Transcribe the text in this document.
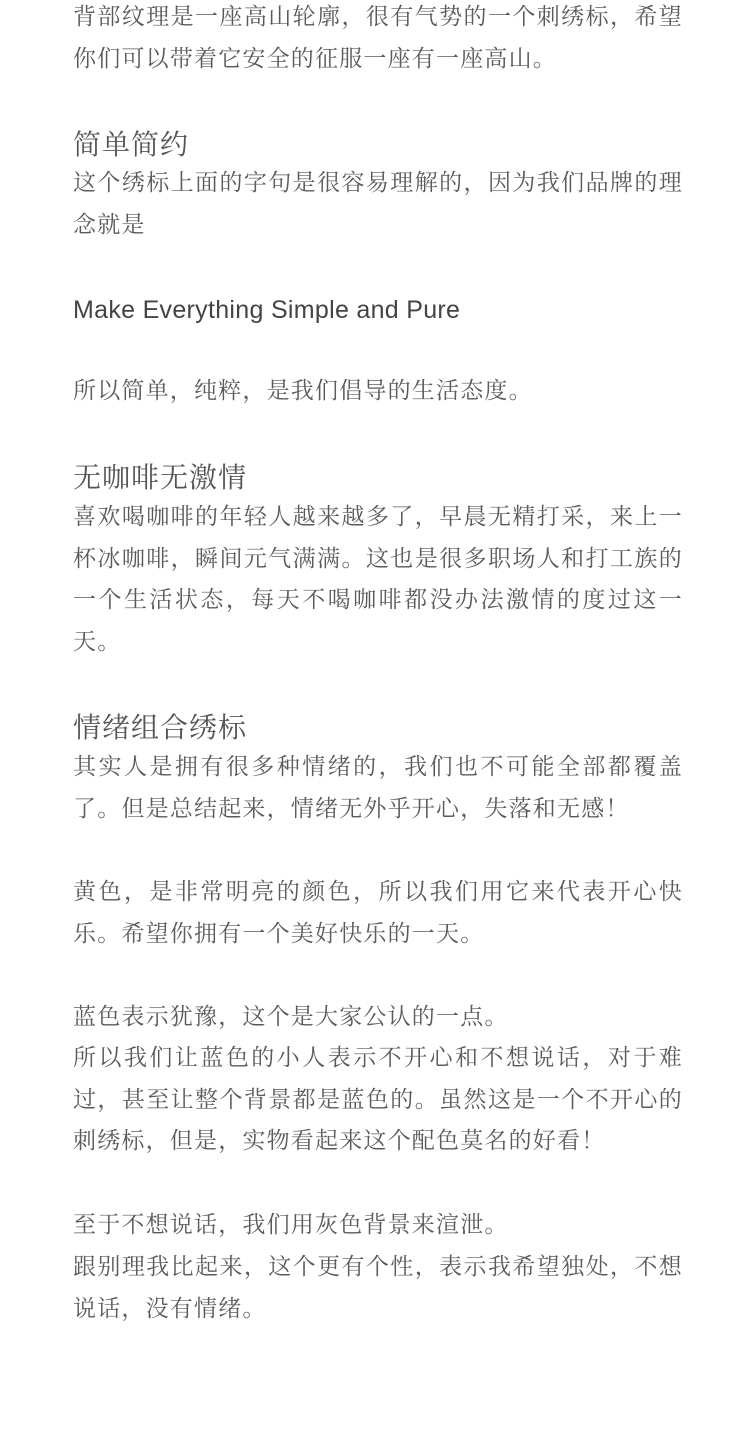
背部纹理是一座高山轮廓，很有气势的一个刺绣标，希望你们可以带着它安全的征服一座有一座高山。

简单简约

这个绣标上面的字句是很容易理解的，因为我们品牌的理念就是

Make Everything Simple and Pure

所以简单，纯粹，是我们倡导的生活态度。

无咖啡无激情

喜欢喝咖啡的年轻人越来越多了，早晨无精打采，来上一杯冰咖啡，瞬间元气满满。这也是很多职场人和打工族的一个生活状态，每天不喝咖啡都没办法激情的度过这一天。

情绪组合绣标

其实人是拥有很多种情绪的，我们也不可能全部都覆盖了。但是总结起来，情绪无外乎开心，失落和无感！

黄色，是非常明亮的颜色，所以我们用它来代表开心快乐。希望你拥有一个美好快乐的一天。

蓝色表示犹豫，这个是大家公认的一点。

所以我们让蓝色的小人表示不开心和不想说话，对于难过，甚至让整个背景都是蓝色的。虽然这是一个不开心的刺绣标，但是，实物看起来这个配色莫名的好看！

至于不想说话，我们用灰色背景来渲泄。

跟别理我比起来，这个更有个性，表示我希望独处，不想说话，没有情绪。
